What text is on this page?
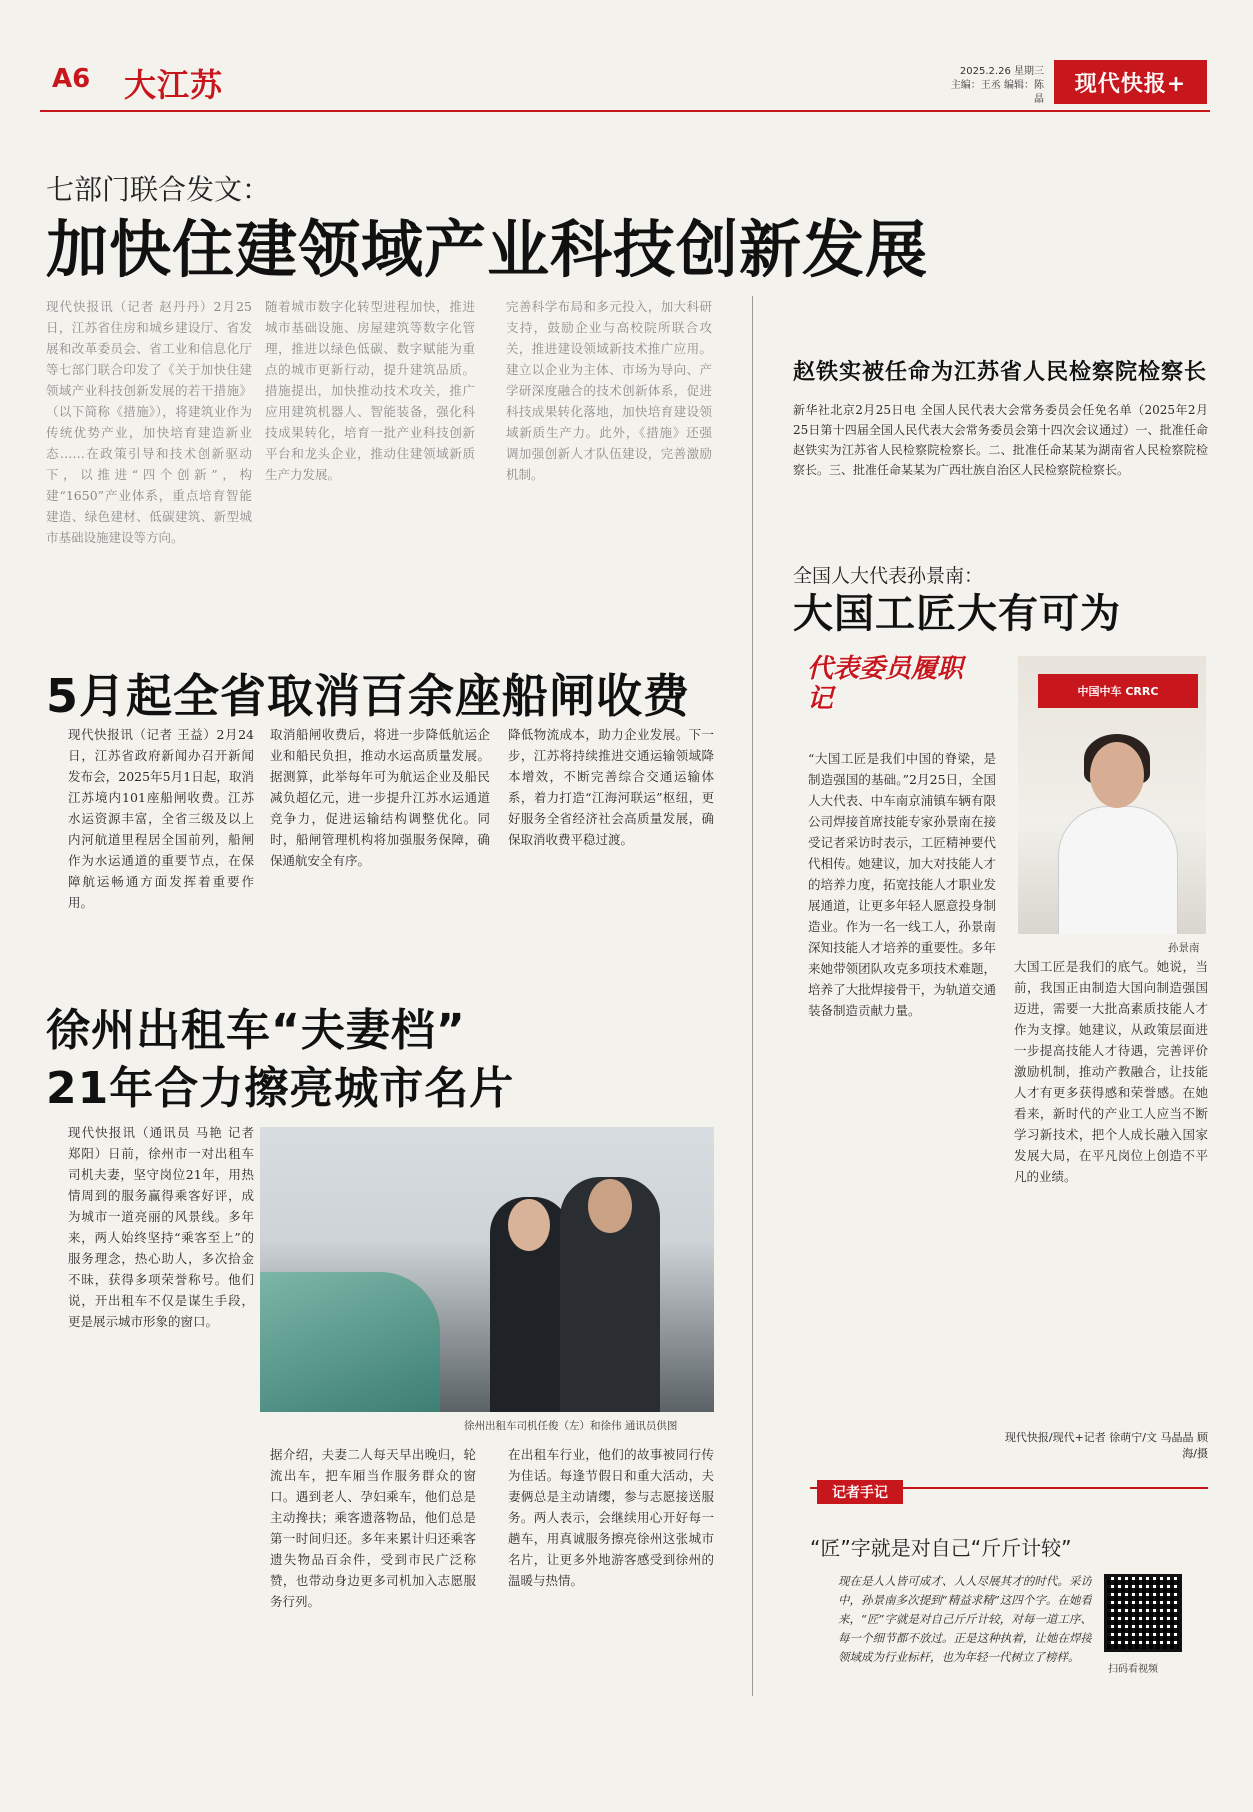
A6 大江苏	2025.2.26 星期三
主编：王丞 编辑：陈晶
现代快报+
七部门联合发文：
加快住建领域产业科技创新发展
现代快报讯（记者 赵丹丹）2月25日，江苏省住房和城乡建设厅、省发展和改革委员会、省工业和信息化厅等七部门联合印发了《关于加快住建领域产业科技创新发展的若干措施》（以下简称《措施》），将建筑业作为传统优势产业，加快培育建造新业态……在政策引导和技术创新驱动下，以推进“四个创新”，构建“1650”产业体系，重点培育智能建造、绿色建材、低碳建筑、新型城市基础设施建设等方向。
随着城市数字化转型进程加快，推进城市基础设施、房屋建筑等数字化管理，推进以绿色低碳、数字赋能为重点的城市更新行动，提升建筑品质。措施提出，加快推动技术攻关，推广应用建筑机器人、智能装备，强化科技成果转化，培育一批产业科技创新平台和龙头企业，推动住建领域新质生产力发展。
完善科学布局和多元投入，加大科研支持，鼓励企业与高校院所联合攻关，推进建设领域新技术推广应用。建立以企业为主体、市场为导向、产学研深度融合的技术创新体系，促进科技成果转化落地，加快培育建设领域新质生产力。此外，《措施》还强调加强创新人才队伍建设，完善激励机制。
赵铁实被任命为江苏省人民检察院检察长
新华社北京2月25日电 全国人民代表大会常务委员会任免名单（2025年2月25日第十四届全国人民代表大会常务委员会第十四次会议通过）一、批准任命赵铁实为江苏省人民检察院检察长。二、批准任命某某为湖南省人民检察院检察长。三、批准任命某某为广西壮族自治区人民检察院检察长。
全国人大代表孙景南：
大国工匠大有可为
代表委员履职记	中国中车 CRRC
孙景南
“大国工匠是我们中国的脊梁，是制造强国的基础。”2月25日，全国人大代表、中车南京浦镇车辆有限公司焊接首席技能专家孙景南在接受记者采访时表示，工匠精神要代代相传。她建议，加大对技能人才的培养力度，拓宽技能人才职业发展通道，让更多年轻人愿意投身制造业。作为一名一线工人，孙景南深知技能人才培养的重要性。多年来她带领团队攻克多项技术难题，培养了大批焊接骨干，为轨道交通装备制造贡献力量。
大国工匠是我们的底气。她说，当前，我国正由制造大国向制造强国迈进，需要一大批高素质技能人才作为支撑。她建议，从政策层面进一步提高技能人才待遇，完善评价激励机制，推动产教融合，让技能人才有更多获得感和荣誉感。在她看来，新时代的产业工人应当不断学习新技术，把个人成长融入国家发展大局，在平凡岗位上创造不平凡的业绩。
现代快报/现代+记者 徐萌宁/文 马晶晶 顾海/摄
记者手记
“匠”字就是对自己“斤斤计较”
现在是人人皆可成才、人人尽展其才的时代。采访中，孙景南多次提到“精益求精”这四个字。在她看来，“匠”字就是对自己斤斤计较，对每一道工序、每一个细节都不放过。正是这种执着，让她在焊接领域成为行业标杆，也为年轻一代树立了榜样。
扫码看视频
5月起全省取消百余座船闸收费
现代快报讯（记者 王益）2月24日，江苏省政府新闻办召开新闻发布会，2025年5月1日起，取消江苏境内101座船闸收费。江苏水运资源丰富，全省三级及以上内河航道里程居全国前列，船闸作为水运通道的重要节点，在保障航运畅通方面发挥着重要作用。
取消船闸收费后，将进一步降低航运企业和船民负担，推动水运高质量发展。据测算，此举每年可为航运企业及船民减负超亿元，进一步提升江苏水运通道竞争力，促进运输结构调整优化。同时，船闸管理机构将加强服务保障，确保通航安全有序。
降低物流成本，助力企业发展。下一步，江苏将持续推进交通运输领域降本增效，不断完善综合交通运输体系，着力打造“江海河联运”枢纽，更好服务全省经济社会高质量发展，确保取消收费平稳过渡。
徐州出租车“夫妻档”
21年合力擦亮城市名片
现代快报讯（通讯员 马艳 记者 郑阳）日前，徐州市一对出租车司机夫妻，坚守岗位21年，用热情周到的服务赢得乘客好评，成为城市一道亮丽的风景线。多年来，两人始终坚持“乘客至上”的服务理念，热心助人，多次拾金不昧，获得多项荣誉称号。他们说，开出租车不仅是谋生手段，更是展示城市形象的窗口。
徐州出租车司机任俊（左）和徐伟 通讯员供图
据介绍，夫妻二人每天早出晚归，轮流出车，把车厢当作服务群众的窗口。遇到老人、孕妇乘车，他们总是主动搀扶；乘客遗落物品，他们总是第一时间归还。多年来累计归还乘客遗失物品百余件，受到市民广泛称赞，也带动身边更多司机加入志愿服务行列。
在出租车行业，他们的故事被同行传为佳话。每逢节假日和重大活动，夫妻俩总是主动请缨，参与志愿接送服务。两人表示，会继续用心开好每一趟车，用真诚服务擦亮徐州这张城市名片，让更多外地游客感受到徐州的温暖与热情。
